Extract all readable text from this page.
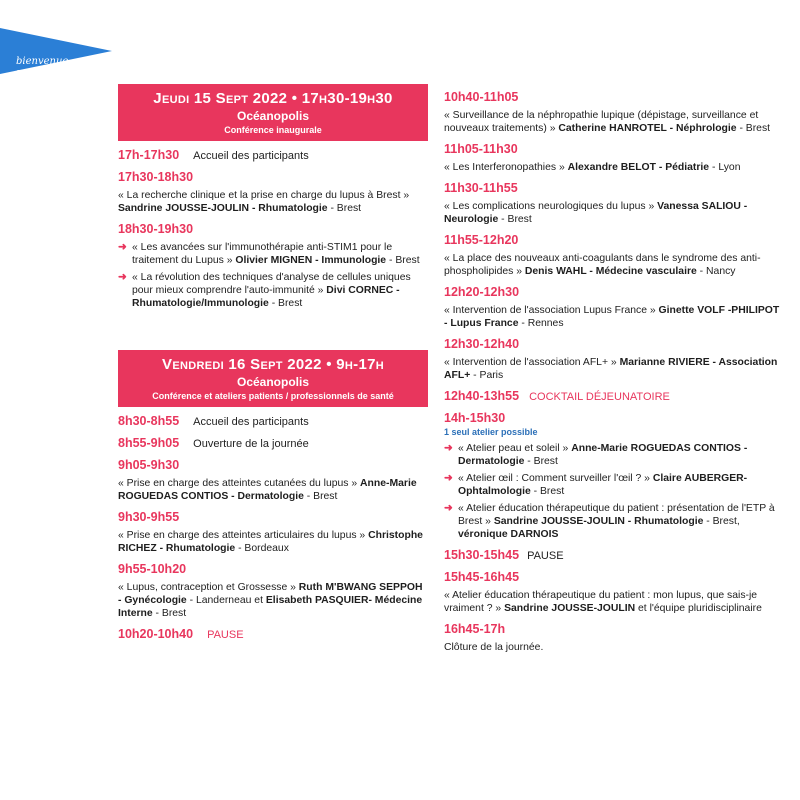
bienvenue
au CHU
Jeudi 15 Sept 2022 • 17h30-19h30
Océanopolis
Conférence inaugurale
17h-17h30 Accueil des participants
17h30-18h30
« La recherche clinique et la prise en charge du lupus à Brest » Sandrine JOUSSE-JOULIN - Rhumatologie - Brest
18h30-19h30
➜ « Les avancées sur l'immunothérapie anti-STIM1 pour le traitement du Lupus » Olivier MIGNEN - Immunologie - Brest
➜ « La révolution des techniques d'analyse de cellules uniques pour mieux comprendre l'auto-immunité » Divi CORNEC - Rhumatologie/Immunologie - Brest
Vendredi 16 Sept 2022 • 9h-17h
Océanopolis
Conférence et ateliers patients / professionnels de santé
8h30-8h55 Accueil des participants
8h55-9h05 Ouverture de la journée
9h05-9h30
« Prise en charge des atteintes cutanées du lupus » Anne-Marie ROGUEDAS CONTIOS - Dermatologie - Brest
9h30-9h55
« Prise en charge des atteintes articulaires du lupus » Christophe RICHEZ - Rhumatologie - Bordeaux
9h55-10h20
« Lupus, contraception et Grossesse » Ruth M'BWANG SEPPOH - Gynécologie - Landerneau et Elisabeth PASQUIER- Médecine Interne - Brest
10h20-10h40 PAUSE
10h40-11h05
« Surveillance de la néphropathie lupique (dépistage, surveillance et nouveaux traitements) » Catherine HANROTEL - Néphrologie - Brest
11h05-11h30
« Les Interferonopathies » Alexandre BELOT - Pédiatrie - Lyon
11h30-11h55
« Les complications neurologiques du lupus » Vanessa SALIOU - Neurologie - Brest
11h55-12h20
« La place des nouveaux anti-coagulants dans le syndrome des anti-phospholipides » Denis WAHL - Médecine vasculaire - Nancy
12h20-12h30
« Intervention de l'association Lupus France » Ginette VOLF -PHILIPOT - Lupus France - Rennes
12h30-12h40
« Intervention de l'association AFL+ » Marianne RIVIERE - Association AFL+ - Paris
12h40-13h55 COCKTAIL DÉJEUNATOIRE
14h-15h30
1 seul atelier possible
➜ « Atelier peau et soleil » Anne-Marie ROGUEDAS CONTIOS - Dermatologie - Brest
➜ « Atelier œil : Comment surveiller l'œil ? » Claire AUBERGER- Ophtalmologie - Brest
➜ « Atelier éducation thérapeutique du patient : présentation de l'ETP à Brest » Sandrine JOUSSE-JOULIN - Rhumatologie - Brest, véronique DARNOIS
15h30-15h45 PAUSE
15h45-16h45
« Atelier éducation thérapeutique du patient : mon lupus, que sais-je vraiment ? » Sandrine JOUSSE-JOULIN et l'équipe pluridisciplinaire
16h45-17h
Clôture de la journée.
